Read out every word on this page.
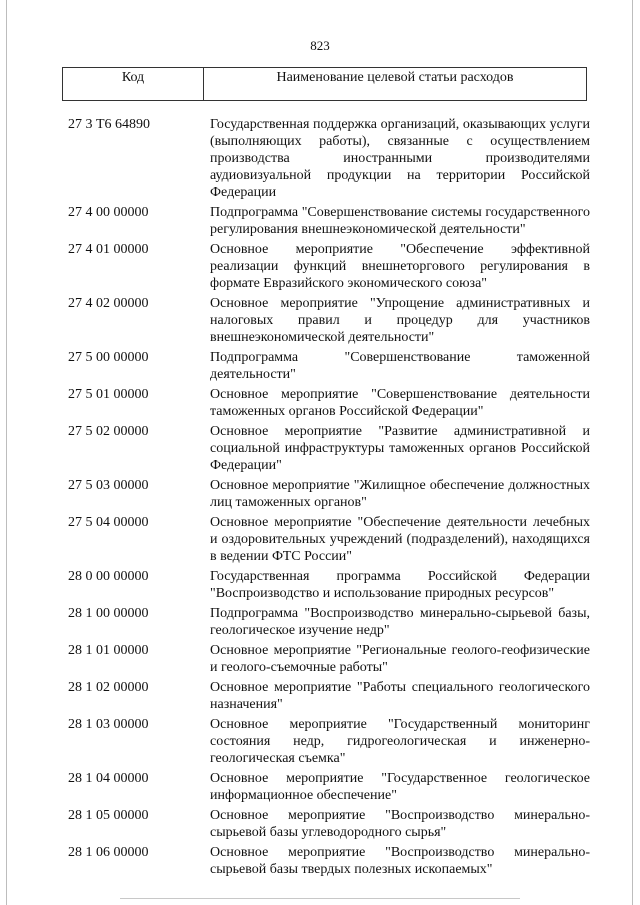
823
Код	Наименование целевой статьи расходов
27 3 Т6 64890	Государственная поддержка организаций, оказывающих услуги (выполняющих работы), связанные с осуществлением производства иностранными производителями аудиовизуальной продукции на территории Российской Федерации
27 4 00 00000	Подпрограмма "Совершенствование системы государственного регулирования внешнеэкономической деятельности"
27 4 01 00000	Основное мероприятие "Обеспечение эффективной реализации функций внешнеторгового регулирования в формате Евразийского экономического союза"
27 4 02 00000	Основное мероприятие "Упрощение административных и налоговых правил и процедур для участников внешнеэкономической деятельности"
27 5 00 00000	Подпрограмма "Совершенствование таможенной деятельности"
27 5 01 00000	Основное мероприятие "Совершенствование деятельности таможенных органов Российской Федерации"
27 5 02 00000	Основное мероприятие "Развитие административной и социальной инфраструктуры таможенных органов Российской Федерации"
27 5 03 00000	Основное мероприятие "Жилищное обеспечение должностных лиц таможенных органов"
27 5 04 00000	Основное мероприятие "Обеспечение деятельности лечебных и оздоровительных учреждений (подразделений), находящихся в ведении ФТС России"
28 0 00 00000	Государственная программа Российской Федерации "Воспроизводство и использование природных ресурсов"
28 1 00 00000	Подпрограмма "Воспроизводство минерально-сырьевой базы, геологическое изучение недр"
28 1 01 00000	Основное мероприятие "Региональные геолого-геофизические и геолого-съемочные работы"
28 1 02 00000	Основное мероприятие "Работы специального геологического назначения"
28 1 03 00000	Основное мероприятие "Государственный мониторинг состояния недр, гидрогеологическая и инженерно-геологическая съемка"
28 1 04 00000	Основное мероприятие "Государственное геологическое информационное обеспечение"
28 1 05 00000	Основное мероприятие "Воспроизводство минерально-сырьевой базы углеводородного сырья"
28 1 06 00000	Основное мероприятие "Воспроизводство минерально-сырьевой базы твердых полезных ископаемых"
